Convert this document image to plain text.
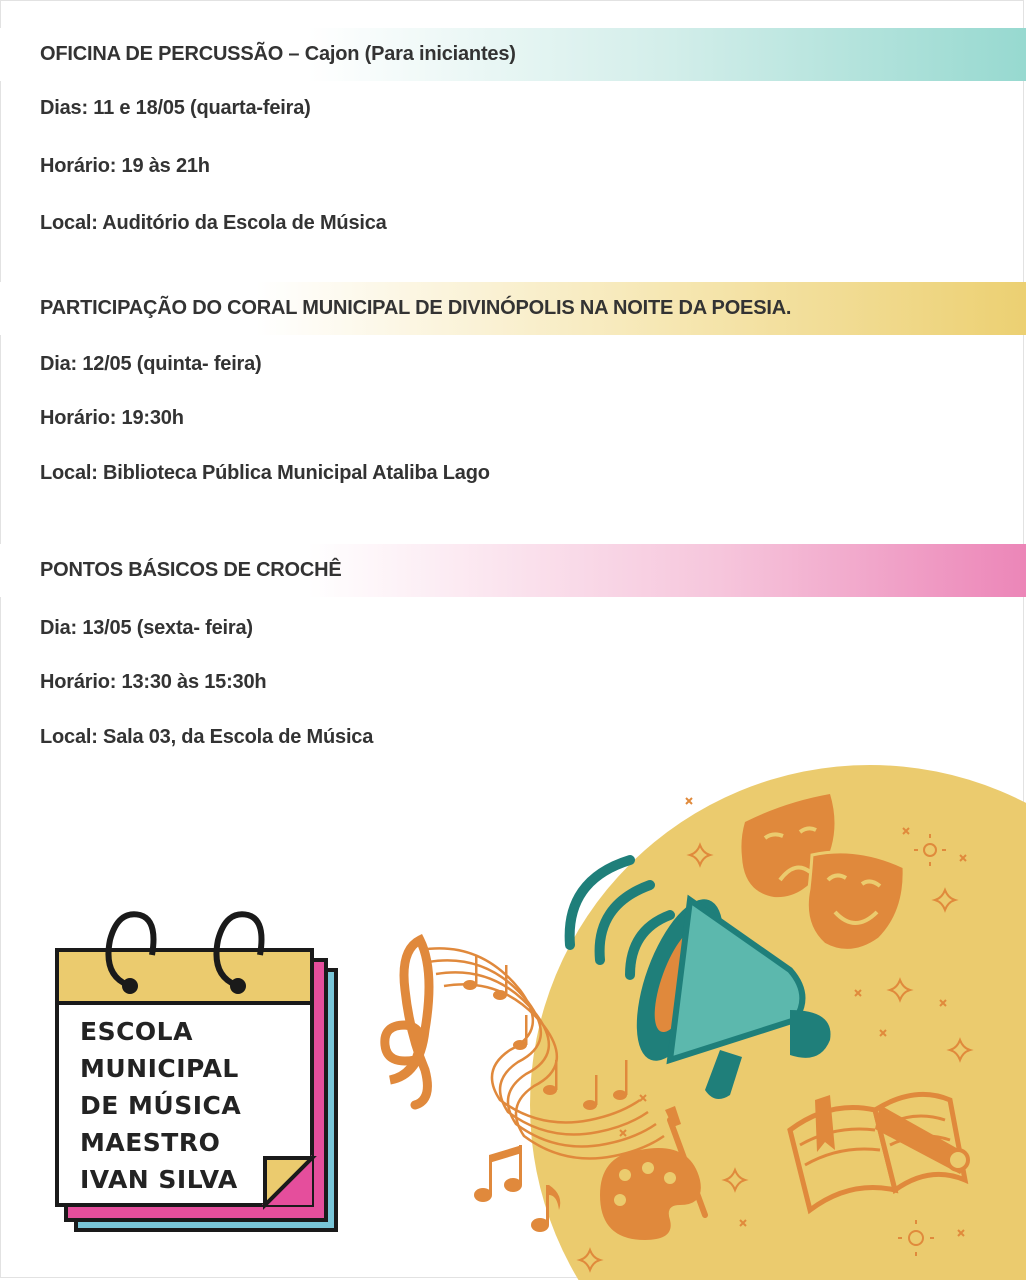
OFICINA DE PERCUSSÃO – Cajon (Para iniciantes)
Dias: 11 e 18/05 (quarta-feira)
Horário: 19 às 21h
Local: Auditório da Escola de Música
PARTICIPAÇÃO DO CORAL MUNICIPAL DE DIVINÓPOLIS NA NOITE DA POESIA.
Dia: 12/05 (quinta- feira)
Horário: 19:30h
Local: Biblioteca Pública Municipal Ataliba Lago
PONTOS BÁSICOS DE CROCHÊ
Dia: 13/05 (sexta- feira)
Horário: 13:30 às 15:30h
Local: Sala 03, da Escola de Música
ESCOLA
MUNICIPAL
DE MÚSICA
MAESTRO
IVAN SILVA
